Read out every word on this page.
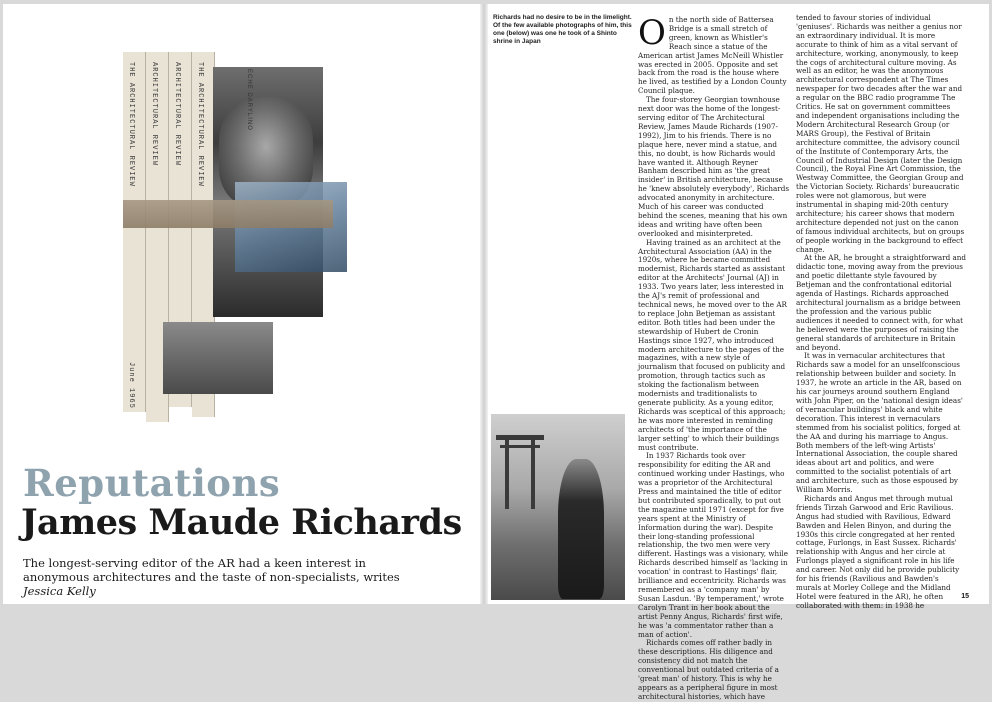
THE ARCHITECTURAL REVIEW ARCHITECTURAL REVIEW ARCHITECTURAL REVIEW THE ARCHITECTURAL REVIEW
June 1965
ECHE DARYLINO
Reputations
James Maude Richards

The longest-serving editor of the AR had a keen interest in anonymous architectures and the taste of non-specialists, writes Jessica Kelly

Richards had no desire to be in the limelight. Of the few available photographs of him, this one (below) was one he took of a Shinto shrine in Japan	O n the north side of Battersea Bridge is a small stretch of green, known as Whistler's Reach since a statue of the American artist James McNeill Whistler was erected in 2005. Opposite and set back from the road is the house where he lived, as testified by a London County Council plaque.

The four-storey Georgian townhouse next door was the home of the longest-serving editor of The Architectural Review, James Maude Richards (1907-1992), Jim to his friends. There is no plaque here, never mind a statue, and this, no doubt, is how Richards would have wanted it. Although Reyner Banham described him as 'the great insider' in British architecture, because he 'knew absolutely everybody', Richards advocated anonymity in architecture. Much of his career was conducted behind the scenes, meaning that his own ideas and writing have often been overlooked and misinterpreted.

Having trained as an architect at the Architectural Association (AA) in the 1920s, where he became committed modernist, Richards started as assistant editor at the Architects' Journal (AJ) in 1933. Two years later, less interested in the AJ's remit of professional and technical news, he moved over to the AR to replace John Betjeman as assistant editor. Both titles had been under the stewardship of Hubert de Cronin Hastings since 1927, who introduced modern architecture to the pages of the magazines, with a new style of journalism that focused on publicity and promotion, through tactics such as stoking the factionalism between modernists and traditionalists to generate publicity. As a young editor, Richards was sceptical of this approach; he was more interested in reminding architects of 'the importance of the larger setting' to which their buildings must contribute.

In 1937 Richards took over responsibility for editing the AR and continued working under Hastings, who was a proprietor of the Architectural Press and maintained the title of editor but contributed sporadically, to put out the magazine until 1971 (except for five years spent at the Ministry of Information during the war). Despite their long-standing professional relationship, the two men were very different. Hastings was a visionary, while Richards described himself as 'lacking in vocation' in contrast to Hastings' flair, brilliance and eccentricity. Richards was remembered as a 'company man' by Susan Lasdun. 'By temperament,' wrote Carolyn Trant in her book about the artist Penny Angus, Richards' first wife, he was 'a commentator rather than a man of action'.

Richards comes off rather badly in these descriptions. His diligence and consistency did not match the conventional but outdated criteria of a 'great man' of history. This is why he appears as a peripheral figure in most architectural histories, which have

tended to favour stories of individual 'geniuses'. Richards was neither a genius nor an extraordinary individual. It is more accurate to think of him as a vital servant of architecture, working, anonymously, to keep the cogs of architectural culture moving. As well as an editor, he was the anonymous architectural correspondent at The Times newspaper for two decades after the war and a regular on the BBC radio programme The Critics. He sat on government committees and independent organisations including the Modern Architectural Research Group (or MARS Group), the Festival of Britain architecture committee, the advisory council of the Institute of Contemporary Arts, the Council of Industrial Design (later the Design Council), the Royal Fine Art Commission, the Westway Committee, the Georgian Group and the Victorian Society. Richards' bureaucratic roles were not glamorous, but were instrumental in shaping mid-20th century architecture; his career shows that modern architecture depended not just on the canon of famous individual architects, but on groups of people working in the background to effect change.

At the AR, he brought a straightforward and didactic tone, moving away from the previous and poetic dilettante style favoured by Betjeman and the confrontational editorial agenda of Hastings. Richards approached architectural journalism as a bridge between the profession and the various public audiences it needed to connect with, for what he believed were the purposes of raising the general standards of architecture in Britain and beyond.

It was in vernacular architectures that Richards saw a model for an unselfconscious relationship between builder and society. In 1937, he wrote an article in the AR, based on his car journeys around southern England with John Piper, on the 'national design ideas' of vernacular buildings' black and white decoration. This interest in vernaculars stemmed from his socialist politics, forged at the AA and during his marriage to Angus. Both members of the left-wing Artists' International Association, the couple shared ideas about art and politics, and were committed to the socialist potentials of art and architecture, such as those espoused by William Morris.

Richards and Angus met through mutual friends Tirzah Garwood and Eric Ravilious. Angus had studied with Ravilious, Edward Bawden and Helen Binyon, and during the 1930s this circle congregated at her rented cottage, Furlongs, in East Sussex. Richards' relationship with Angus and her circle at Furlongs played a significant role in his life and career. Not only did he provide publicity for his friends (Ravilious and Bawden's murals at Morley College and the Midland Hotel were featured in the AR), he often collaborated with them: in 1938 he

15
